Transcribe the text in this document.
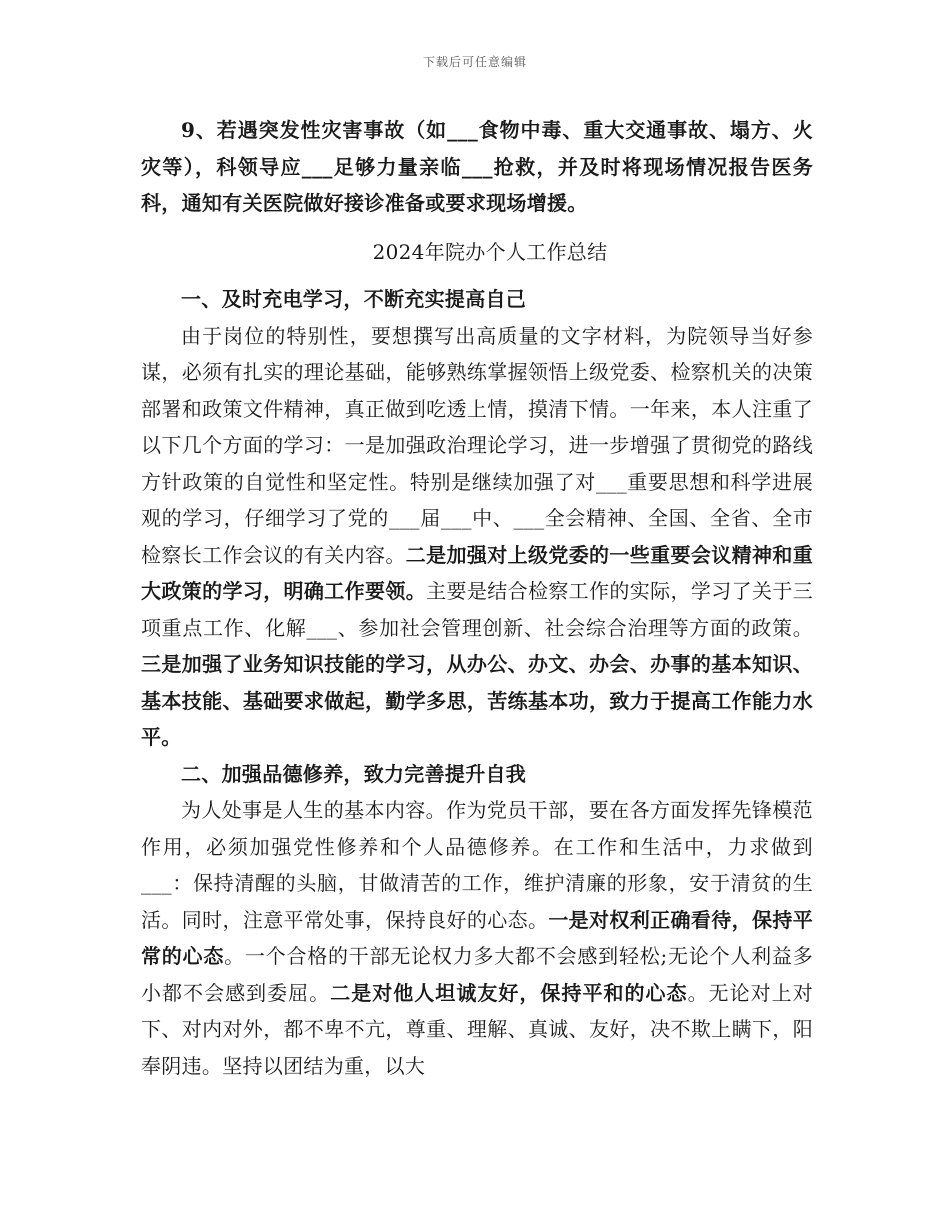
下载后可任意编辑

9、若遇突发性灾害事故（如___食物中毒、重大交通事故、塌方、火灾等），科领导应___足够力量亲临___抢救，并及时将现场情况报告医务科，通知有关医院做好接诊准备或要求现场增援。

2024年院办个人工作总结

一、及时充电学习，不断充实提高自己

由于岗位的特别性，要想撰写出高质量的文字材料，为院领导当好参谋，必须有扎实的理论基础，能够熟练掌握领悟上级党委、检察机关的决策部署和政策文件精神，真正做到吃透上情，摸清下情。一年来，本人注重了以下几个方面的学习：一是加强政治理论学习，进一步增强了贯彻党的路线方针政策的自觉性和坚定性。特别是继续加强了对___重要思想和科学进展观的学习，仔细学习了党的___届___中、___全会精神、全国、全省、全市检察长工作会议的有关内容。二是加强对上级党委的一些重要会议精神和重大政策的学习，明确工作要领。主要是结合检察工作的实际，学习了关于三项重点工作、化解___、参加社会管理创新、社会综合治理等方面的政策。三是加强了业务知识技能的学习，从办公、办文、办会、办事的基本知识、基本技能、基础要求做起，勤学多思，苦练基本功，致力于提高工作能力水平。

二、加强品德修养，致力完善提升自我

为人处事是人生的基本内容。作为党员干部，要在各方面发挥先锋模范作用，必须加强党性修养和个人品德修养。在工作和生活中，力求做到___：保持清醒的头脑，甘做清苦的工作，维护清廉的形象，安于清贫的生活。同时，注意平常处事，保持良好的心态。一是对权利正确看待，保持平常的心态。一个合格的干部无论权力多大都不会感到轻松;无论个人利益多小都不会感到委屈。二是对他人坦诚友好，保持平和的心态。无论对上对下、对内对外，都不卑不亢，尊重、理解、真诚、友好，决不欺上瞒下，阳奉阴违。坚持以团结为重，以大
